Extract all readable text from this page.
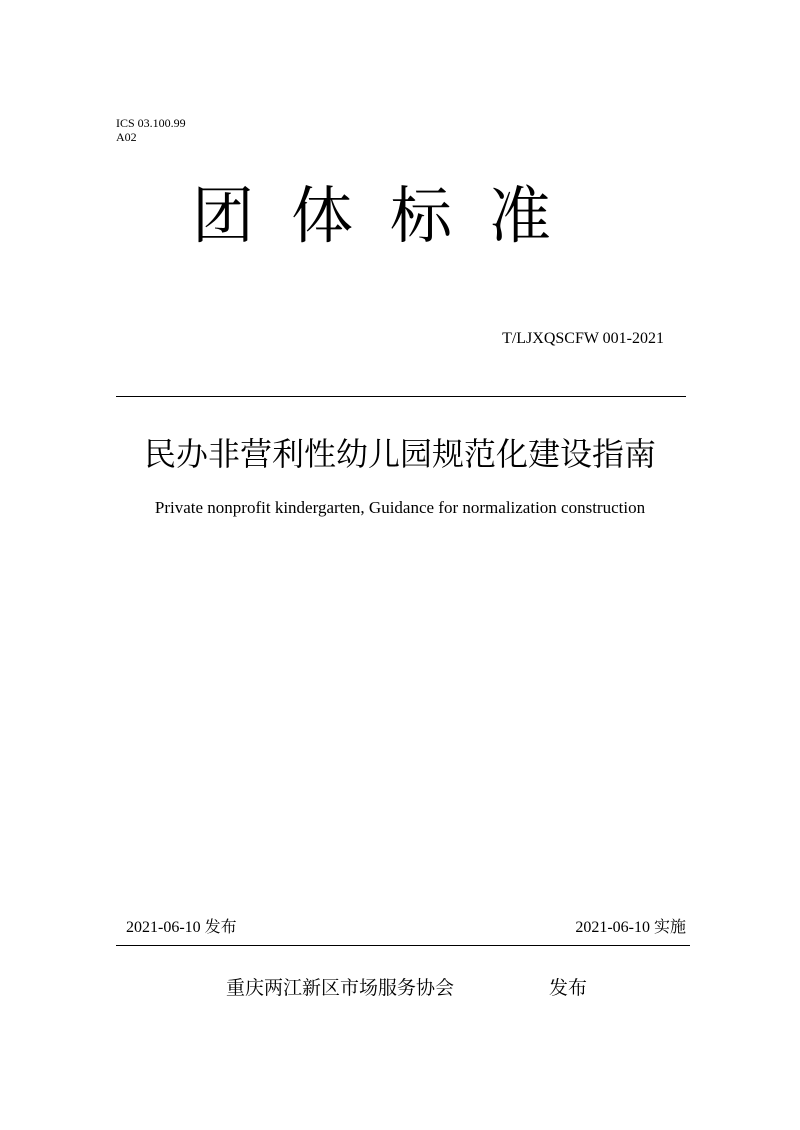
ICS 03.100.99
A02
团体标准
T/LJXQSCFW 001-2021
民办非营利性幼儿园规范化建设指南
Private nonprofit kindergarten, Guidance for normalization construction
2021-06-10 发布	2021-06-10 实施
重庆两江新区市场服务协会	发布
